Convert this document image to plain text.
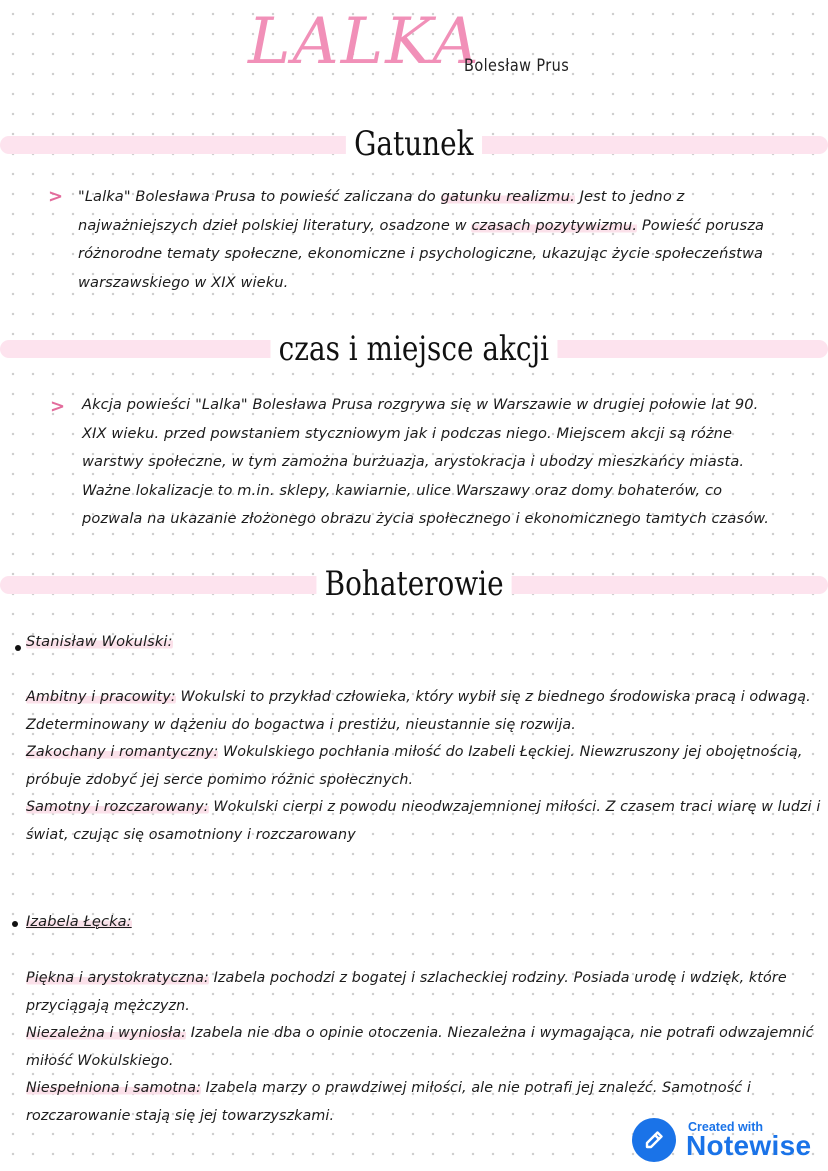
LALKA
Bolesław Prus
Gatunek
> "Lalka" Bolesława Prusa to powieść zaliczana do gatunku realizmu. Jest to jedno z
najważniejszych dzieł polskiej literatury, osadzone w czasach pozytywizmu. Powieść porusza
różnorodne tematy społeczne, ekonomiczne i psychologiczne, ukazując życie społeczeństwa
warszawskiego w XIX wieku.
czas i miejsce akcji
> Akcja powieści "Lalka" Bolesława Prusa rozgrywa się w Warszawie w drugiej połowie lat 90.
XIX wieku. przed powstaniem styczniowym jak i podczas niego. Miejscem akcji są różne
warstwy społeczne, w tym zamożna burżuazja, arystokracja i ubodzy mieszkańcy miasta.
Ważne lokalizacje to m.in. sklepy, kawiarnie, ulice Warszawy oraz domy bohaterów, co
pozwala na ukazanie złożonego obrazu życia społecznego i ekonomicznego tamtych czasów.
Bohaterowie
Stanisław Wokulski:
Ambitny i pracowity: Wokulski to przykład człowieka, który wybił się z biednego środowiska pracą i odwagą.
Zdeterminowany w dążeniu do bogactwa i prestiżu, nieustannie się rozwija.
Zakochany i romantyczny: Wokulskiego pochłania miłość do Izabeli Łęckiej. Niewzruszony jej obojętnością,
próbuje zdobyć jej serce pomimo różnic społecznych.
Samotny i rozczarowany: Wokulski cierpi z powodu nieodwzajemnionej miłości. Z czasem traci wiarę w ludzi i
świat, czując się osamotniony i rozczarowany
Izabela Łęcka:
Piękna i arystokratyczna: Izabela pochodzi z bogatej i szlacheckiej rodziny. Posiada urodę i wdzięk, które
przyciągają mężczyzn.
Niezależna i wyniosła: Izabela nie dba o opinie otoczenia. Niezależna i wymagająca, nie potrafi odwzajemnić
miłość Wokulskiego.
Niespełniona i samotna: Izabela marzy o prawdziwej miłości, ale nie potrafi jej znaleźć. Samotność i
rozczarowanie stają się jej towarzyszkami.
Created with
Notewise
